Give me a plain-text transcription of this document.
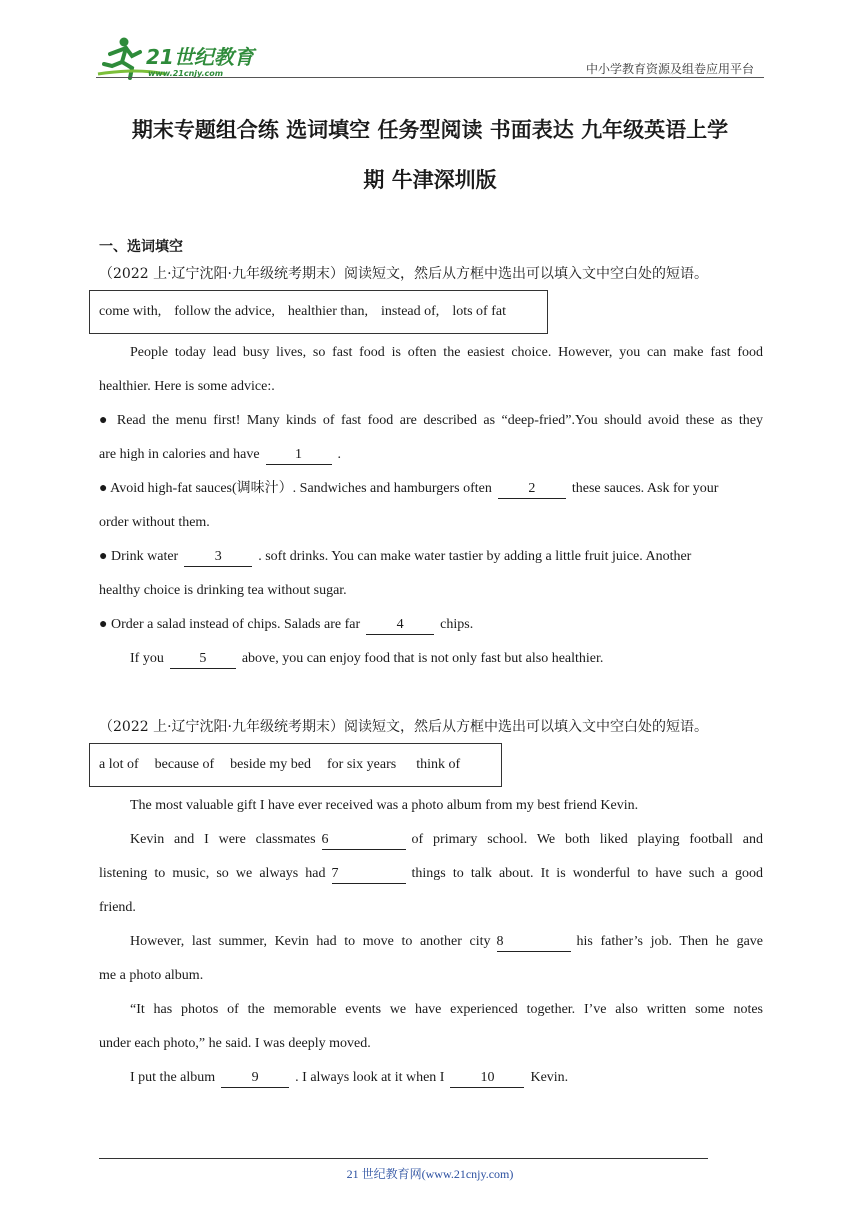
21世纪教育
www.21cnjy.com	中小学教育资源及组卷应用平台
期末专题组合练 选词填空 任务型阅读 书面表达 九年级英语上学
期 牛津深圳版
一、选词填空
（2022 上·辽宁沈阳·九年级统考期末）阅读短文，然后从方框中选出可以填入文中空白处的短语。
come with, follow the advice, healthier than, instead of, lots of fat
People today lead busy lives, so fast food is often the easiest choice. However, you can make fast food
healthier. Here is some advice:.
● Read the menu first! Many kinds of fast food are described as “deep-fried”.You should avoid these as they
are high in calories and have	1	.
● Avoid high-fat sauces(调味汁）. Sandwiches and hamburgers often	2	these sauces. Ask for your
order without them.
● Drink water	3	. soft drinks. You can make water tastier by adding a little fruit juice. Another
healthy choice is drinking tea without sugar.
● Order a salad instead of chips. Salads are far	4	chips.
If you	5	above, you can enjoy food that is not only fast but also healthier.
（2022 上·辽宁沈阳·九年级统考期末）阅读短文，然后从方框中选出可以填入文中空白处的短语。
a lot of because of beside my bed for six years think of
The most valuable gift I have ever received was a photo album from my best friend Kevin.
Kevin and I were classmates 6	of primary school. We both liked playing football and
listening to music, so we always had 7	things to talk about. It is wonderful to have such a good
friend.
However, last summer, Kevin had to move to another city 8	his father’s job. Then he gave
me a photo album.
“It has photos of the memorable events we have experienced together. I’ve also written some notes
under each photo,” he said. I was deeply moved.
I put the album	9	. I always look at it when I	10	Kevin.
21 世纪教育网(www.21cnjy.com)
